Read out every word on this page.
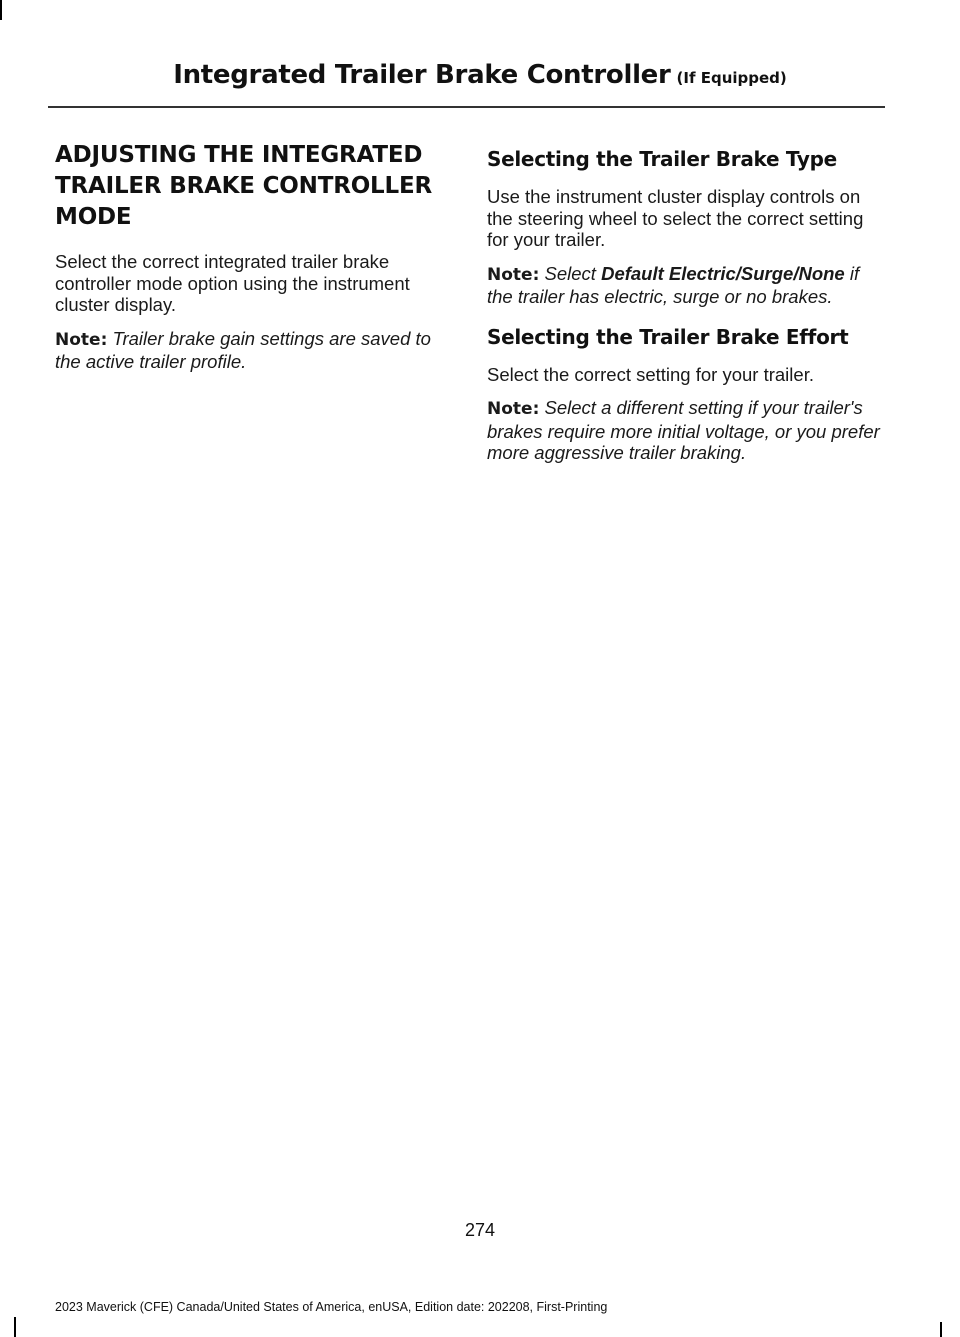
Integrated Trailer Brake Controller (If Equipped)
ADJUSTING THE INTEGRATED TRAILER BRAKE CONTROLLER MODE

Select the correct integrated trailer brake controller mode option using the instrument cluster display.

Note: Trailer brake gain settings are saved to the active trailer profile.

Selecting the Trailer Brake Type

Use the instrument cluster display controls on the steering wheel to select the correct setting for your trailer.

Note: Select Default Electric/Surge/None if the trailer has electric, surge or no brakes.

Selecting the Trailer Brake Effort

Select the correct setting for your trailer.

Note: Select a different setting if your trailer's brakes require more initial voltage, or you prefer more aggressive trailer braking.

274
2023 Maverick (CFE) Canada/United States of America, enUSA, Edition date: 202208, First-Printing
